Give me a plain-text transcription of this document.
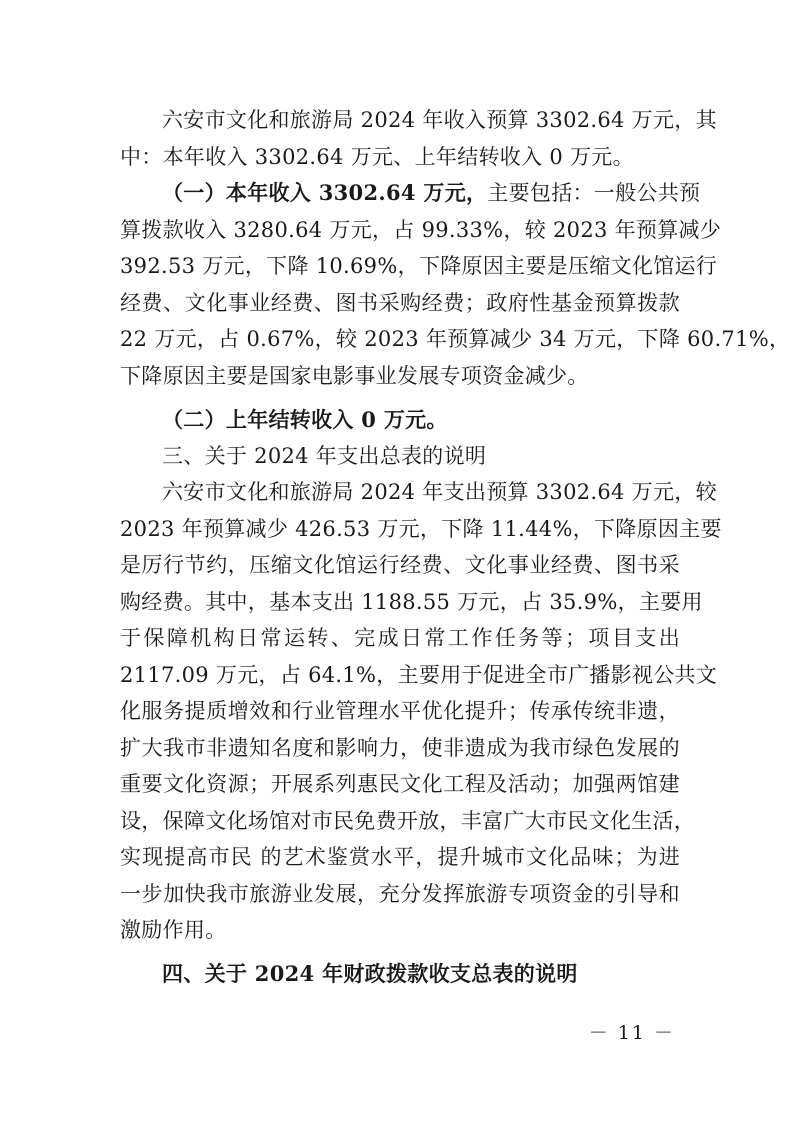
六安市文化和旅游局 2024 年收入预算 3302.64 万元，其
中：本年收入 3302.64 万元、上年结转收入 0 万元。
（一）本年收入 3302.64 万元，主要包括：一般公共预
算拨款收入 3280.64 万元，占 99.33%，较 2023 年预算减少
392.53 万元，下降 10.69%，下降原因主要是压缩文化馆运行
经费、文化事业经费、图书采购经费；政府性基金预算拨款
22 万元，占 0.67%，较 2023 年预算减少 34 万元，下降 60.71%，
下降原因主要是国家电影事业发展专项资金减少。
（二）上年结转收入 0 万元。
三、关于 2024 年支出总表的说明
六安市文化和旅游局 2024 年支出预算 3302.64 万元，较
2023 年预算减少 426.53 万元，下降 11.44%，下降原因主要
是厉行节约，压缩文化馆运行经费、文化事业经费、图书采
购经费。其中，基本支出 1188.55 万元，占 35.9%，主要用
于保障机构日常运转、完成日常工作任务等；项目支出
2117.09 万元，占 64.1%，主要用于促进全市广播影视公共文
化服务提质增效和行业管理水平优化提升；传承传统非遗，
扩大我市非遗知名度和影响力，使非遗成为我市绿色发展的
重要文化资源；开展系列惠民文化工程及活动；加强两馆建
设，保障文化场馆对市民免费开放，丰富广大市民文化生活，
实现提高市民 的艺术鉴赏水平，提升城市文化品味；为进
一步加快我市旅游业发展，充分发挥旅游专项资金的引导和
激励作用。
四、关于 2024 年财政拨款收支总表的说明
－ 11 －
